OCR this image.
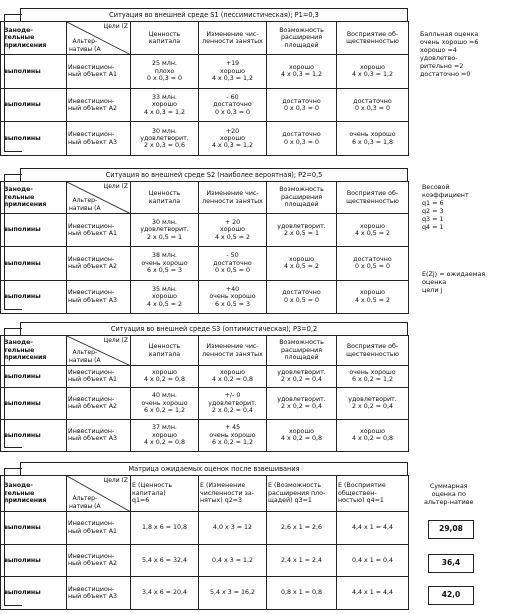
Ситуация во внешней среде S1 (пессимистическая); P1=0,3
Заноде-
тельные
прилисения	Цели (Z
Альтер-
нативы (A	Ценность
капитала	Изменение чис-
ленности занятых	Возможность
расширения
площадей	Восприятие об-
щественностью
выполины	Инвестицион-
ный объект A1	25 млн.
плохо
0 x 0,3 = 0	+19
хорошо
4 x 0,3 = 1,2	хорошо
4 x 0,3 = 1,2	хорошо
4 x 0,3 = 1,2
выполины	Инвестицион-
ный объект A2	33 млн.
хорошо
4 x 0,3 = 1,2	- 60
достаточно
0 x 0,3 = 0	достаточно
0 x 0,3 = 0	достаточно
0 x 0,3 = 0
выполины	Инвестицион-
ный объект A3	30 млн.
удовлетворит.
2 x 0,3 = 0,6	+20
хорошо
4 x 0,3 = 1,2	достаточно
0 x 0,3 = 0	очень хорошо
6 x 0,3 = 1,8
Балльная оценка
очень хорошо =6
хорошо =4
удовлетво-
рительно =2
достаточно =0
Ситуация во внешней среде S2 (наиболее вероятная); P2=0,5
Заноде-
тельные
прилисения	Цели (Z
Альтер-
нативы (A	Ценность
капитала	Изменение чис-
ленности занятых	Возможность
расширения
площадей	Восприятие об-
щественностью
выполины	Инвестицион-
ный объект A1	30 млн.
удовлетворит.
2 x 0,5 = 1	+ 20
хорошо
4 x 0,5 = 2	удовлетворит.
2 x 0,5 = 1	хорошо
4 x 0,5 = 2
выполины	Инвестицион-
ный объект A2	38 млн.
очень хорошо
6 x 0,5 = 3	- 50
достаточно
0 x 0,5 = 0	хорошо
4 x 0,5 = 2	достаточно
0 x 0,5 = 0
выполины	Инвестицион-
ный объект A3	35 млн.
хорошо
4 x 0,5 = 2	+40
очень хорошо
6 x 0,5 = 3	достаточно
0 x 0,5 = 0	хорошо
4 x 0,5 = 2
Весовой
коэффициент
q1 = 6
q2 = 3
q3 = 1
q4 = 1
E(Zj) = ожидаемая
оценка
цели j
Ситуация во внешней среде S3 (оптимистическая); P3=0,2
Заноде-
тельные
прилисения	Цели (Z
Альтер-
нативы (A	Ценность
капитала	Изменение чис-
ленности занятых	Возможность
расширения
площадей	Восприятие об-
щественностью
выполины	Инвестицион-
ный объект A1	хорошо
4 x 0,2 = 0,8	хорошо
4 x 0,2 = 0,8	удовлетворит.
2 x 0,2 = 0,4	очень хорошо
6 x 0,2 = 1,2
выполины	Инвестицион-
ный объект A2	40 млн.
очень хорошо
6 x 0,2 = 1,2	+/- 0
удовлетворит.
2 x 0,2 = 0,4	удовлетворит.
2 x 0,2 = 0,4	удовлетворит.
2 x 0,2 = 0,4
выполины	Инвестицион-
ный объект A3	37 млн.
хорошо
4 x 0,2 = 0,8	+ 45
очень хорошо
6 x 0,2 = 1,2	хорошо
4 x 0,2 = 0,8	хорошо
4 x 0,2 = 0,8
Матрица ожидаемых оценок после взвешивания
Заноде-
тельные
прилисения	Цели (Z
Альтер-
нативы (A	E (Ценность
капитала)
q1=6	E (Изменение
численности за-
нятых) q2=3	E (Возможность
расширения пло-
щадей) q3=1	E (Восприятие
обществен-
ностью) q4=1
выполины	Инвестицион-
ный объект A1	1,8 x 6 = 10,8	4,0 x 3 = 12	2,6 x 1 = 2,6	4,4 x 1 = 4,4
выполины	Инвестицион-
ный объект A2	5,4 x 6 = 32,4	0,4 x 3 = 1,2	2,4 x 1 = 2,4	0,4 x 1 = 0,4
выполины	Инвестицион-
ный объект A3	3,4 x 6 = 20,4	5,4 x 3 = 16,2	0,8 x 1 = 0,8	4,4 x 1 = 4,4
Суммарная
оценка по
альтер-нативе
29,08
36,4
42,0
